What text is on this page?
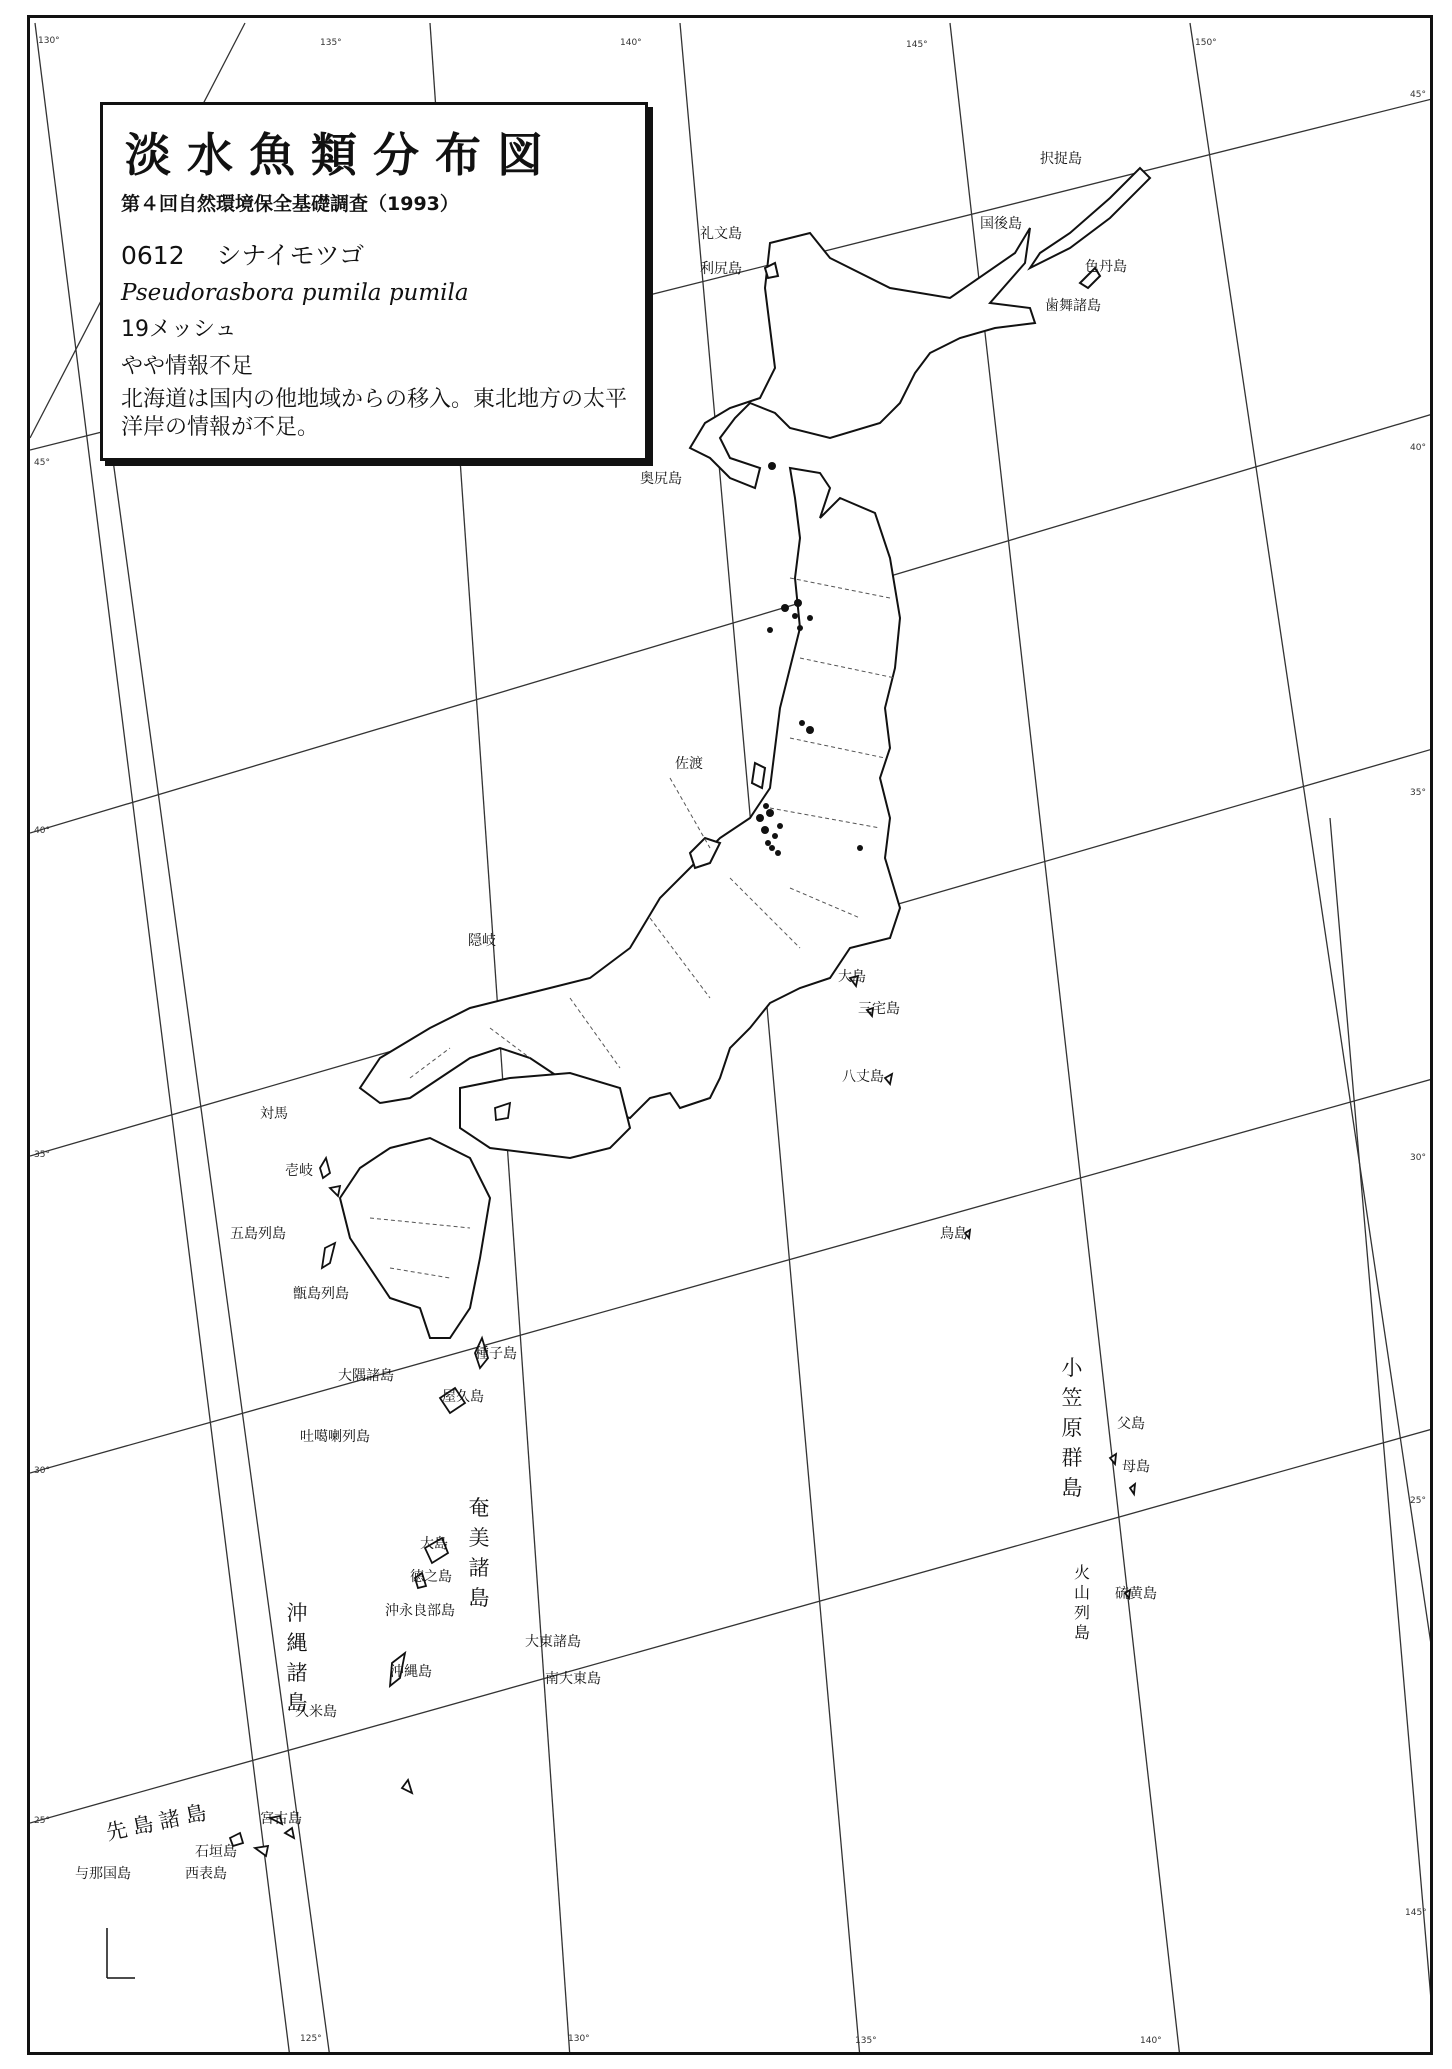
130°	135°	140°	145°	150°
125°	130°	135°	140°
145°
45°
40°
35°
30°
25°
45°
40°
35°
30°
25°
択捉島
国後島
色丹島
歯舞諸島
礼文島
利尻島
奥尻島
佐渡
隠岐
大島
三宅島
八丈島
鳥島
対馬
壱岐
五島列島
甑島列島
種子島
大隅諸島
屋久島
吐噶喇列島
大島
徳之島
沖永良部島
沖縄島
久米島
大東諸島
南大東島
宮古島
石垣島
西表島
与那国島
父島
母島
硫黄島
奄美諸島
沖縄諸島
小笠原群島
火山列島
先島諸島
淡水魚類分布図
第４回自然環境保全基礎調査（1993）
0612 シナイモツゴ
Pseudorasbora pumila pumila
19メッシュ
やや情報不足
北海道は国内の他地域からの移入。東北地方の太平洋岸の情報が不足。
